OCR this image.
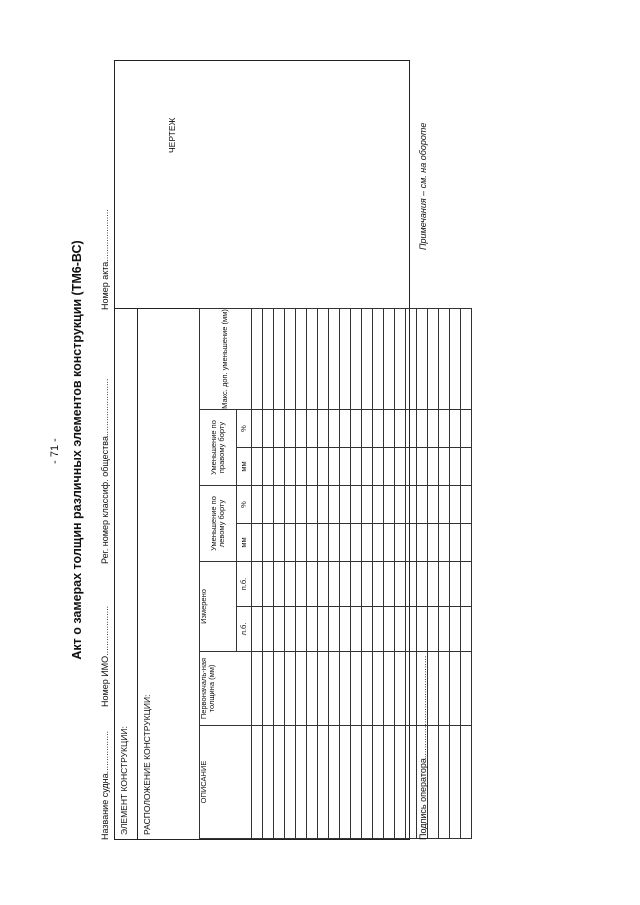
- 71 - Акт о замерах толщин различных элементов конструкции (ТМ6-ВС)
Название судна.................
Номер ИМО....................
Рег. номер классиф. общества.......................
Номер акта.....................
ЭЛЕМЕНТ КОНСТРУКЦИИ: РАСПОЛОЖЕНИЕ КОНСТРУКЦИИ:
ЧЕРТЕЖ
ОПИСАНИЕ	Первоначаль-ная толщина (мм)	Измерено		Уменьшение по левому борту		Уменьшение по правому борту		Макс. доп. уменьшение (мм)
		л.б.	п.б.	мм	%	мм	%	

Подпись оператора.........................................
Примечания – см. на обороте
